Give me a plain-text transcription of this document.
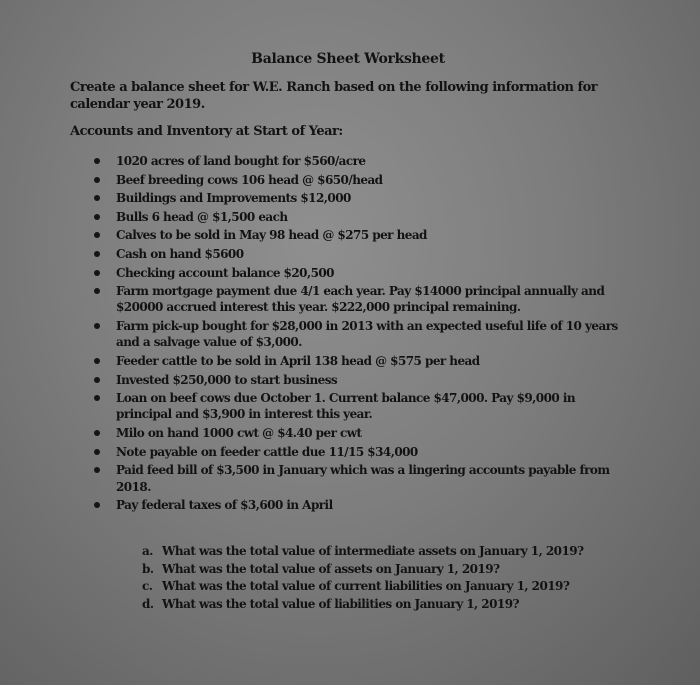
Balance Sheet Worksheet
Create a balance sheet for W.E. Ranch based on the following information for calendar year 2019.
Accounts and Inventory at Start of Year:
1020 acres of land bought for $560/acre
Beef breeding cows 106 head @ $650/head
Buildings and Improvements $12,000
Bulls 6 head @ $1,500 each
Calves to be sold in May 98 head @ $275 per head
Cash on hand $5600
Checking account balance $20,500
Farm mortgage payment due 4/1 each year. Pay $14000 principal annually and $20000 accrued interest this year. $222,000 principal remaining.
Farm pick-up bought for $28,000 in 2013 with an expected useful life of 10 years and a salvage value of $3,000.
Feeder cattle to be sold in April 138 head @ $575 per head
Invested $250,000 to start business
Loan on beef cows due October 1. Current balance $47,000. Pay $9,000 in principal and $3,900 in interest this year.
Milo on hand 1000 cwt @ $4.40 per cwt
Note payable on feeder cattle due 11/15 $34,000
Paid feed bill of $3,500 in January which was a lingering accounts payable from 2018.
Pay federal taxes of $3,600 in April
a. What was the total value of intermediate assets on January 1, 2019?
b. What was the total value of assets on January 1, 2019?
c. What was the total value of current liabilities on January 1, 2019?
d. What was the total value of liabilities on January 1, 2019?
